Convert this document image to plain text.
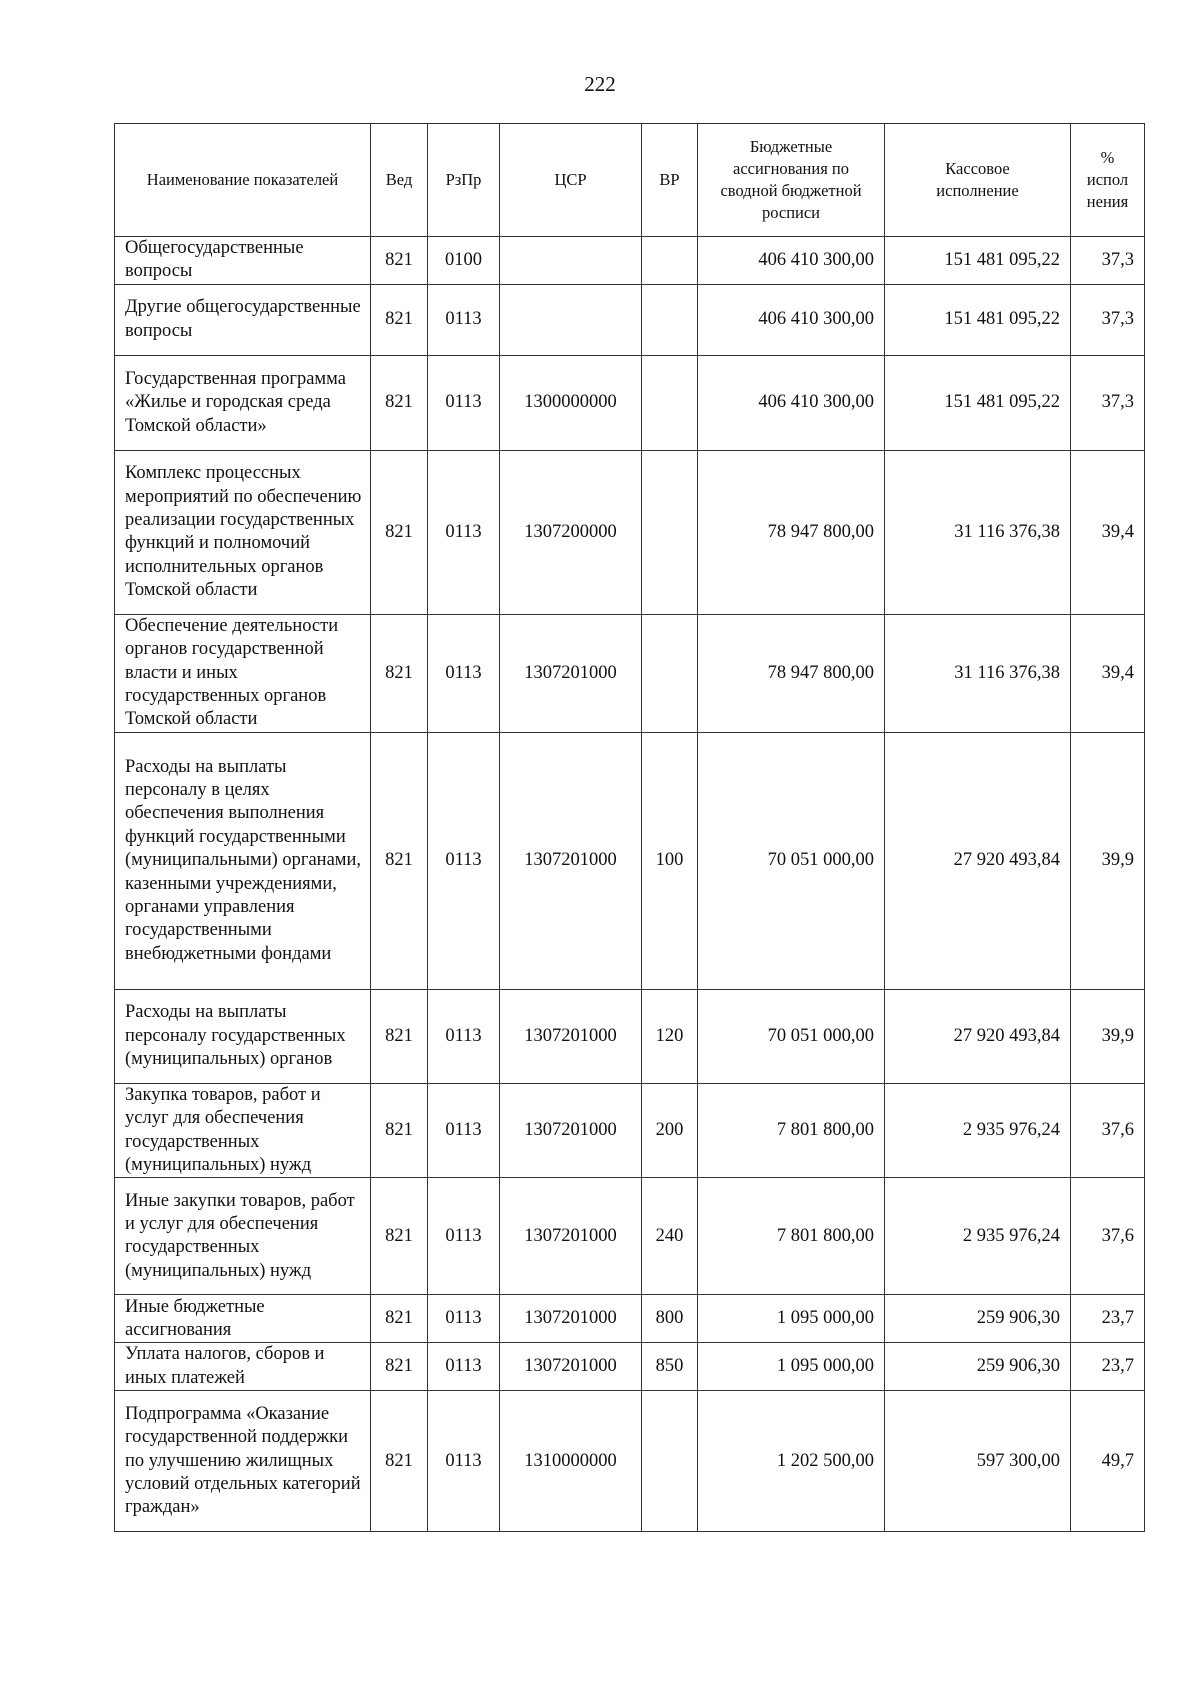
222
Наименование показателей	Вед	РзПр	ЦСР	ВР	Бюджетные ассигнования по сводной бюджетной росписи	Кассовое исполнение	% испол нения
Общегосударственные вопросы	821	0100			406 410 300,00	151 481 095,22	37,3
Другие общегосударственные вопросы	821	0113			406 410 300,00	151 481 095,22	37,3
Государственная программа «Жилье и городская среда Томской области»	821	0113	1300000000		406 410 300,00	151 481 095,22	37,3
Комплекс процессных мероприятий по обеспечению реализации государственных функций и полномочий исполнительных органов Томской области	821	0113	1307200000		78 947 800,00	31 116 376,38	39,4
Обеспечение деятельности органов государственной власти и иных государственных органов Томской области	821	0113	1307201000		78 947 800,00	31 116 376,38	39,4
Расходы на выплаты персоналу в целях обеспечения выполнения функций государственными (муниципальными) органами, казенными учреждениями, органами управления государственными внебюджетными фондами	821	0113	1307201000	100	70 051 000,00	27 920 493,84	39,9
Расходы на выплаты персоналу государственных (муниципальных) органов	821	0113	1307201000	120	70 051 000,00	27 920 493,84	39,9
Закупка товаров, работ и услуг для обеспечения государственных (муниципальных) нужд	821	0113	1307201000	200	7 801 800,00	2 935 976,24	37,6
Иные закупки товаров, работ и услуг для обеспечения государственных (муниципальных) нужд	821	0113	1307201000	240	7 801 800,00	2 935 976,24	37,6
Иные бюджетные ассигнования	821	0113	1307201000	800	1 095 000,00	259 906,30	23,7
Уплата налогов, сборов и иных платежей	821	0113	1307201000	850	1 095 000,00	259 906,30	23,7
Подпрограмма «Оказание государственной поддержки по улучшению жилищных условий отдельных категорий граждан»	821	0113	1310000000		1 202 500,00	597 300,00	49,7
